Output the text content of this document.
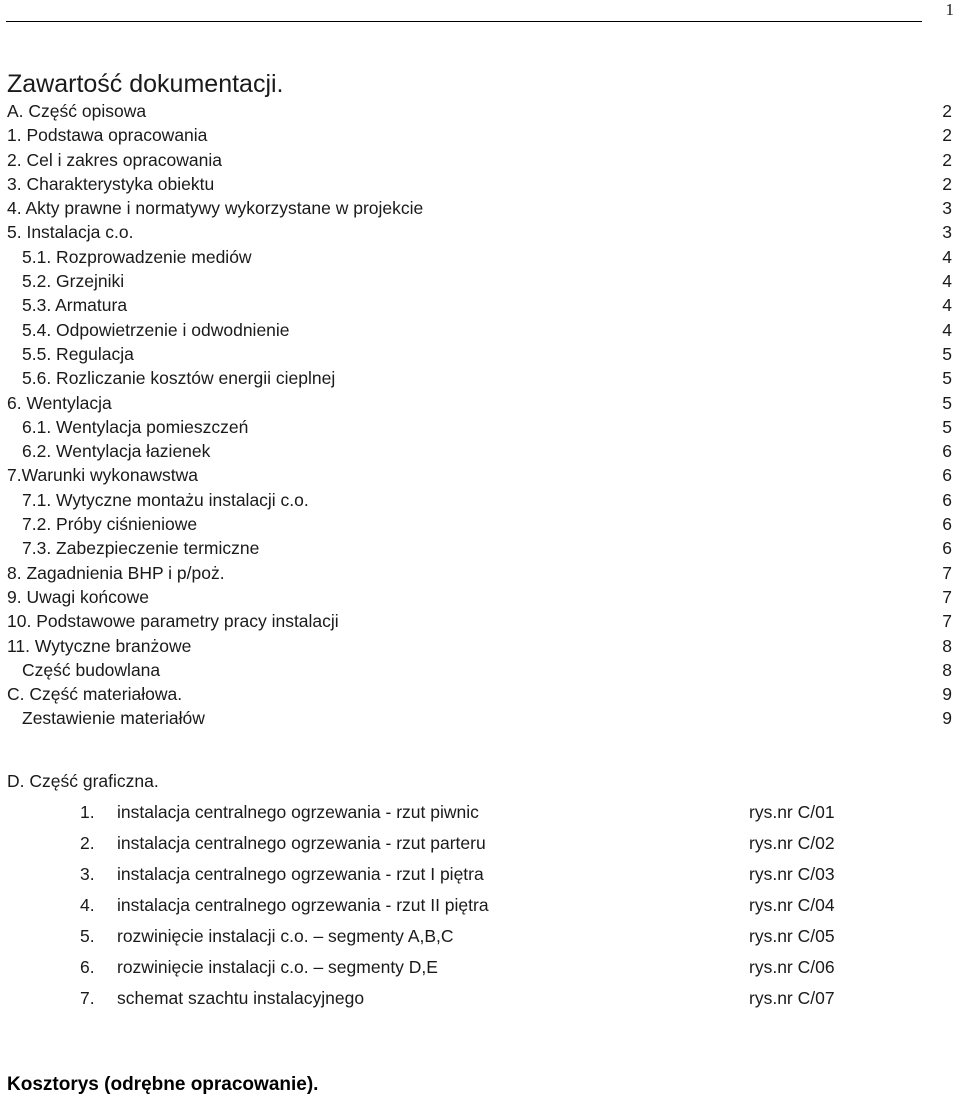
1
Zawartość dokumentacji.
A. Część opisowa	2
1. Podstawa opracowania	2
2. Cel i zakres opracowania	2
3. Charakterystyka obiektu	2
4. Akty prawne i normatywy wykorzystane w projekcie	3
5. Instalacja c.o.	3
5.1. Rozprowadzenie mediów	4
5.2. Grzejniki	4
5.3. Armatura	4
5.4. Odpowietrzenie i odwodnienie	4
5.5. Regulacja	5
5.6. Rozliczanie kosztów energii cieplnej	5
6. Wentylacja	5
6.1. Wentylacja pomieszczeń	5
6.2. Wentylacja łazienek	6
7.Warunki wykonawstwa	6
7.1. Wytyczne montażu instalacji c.o.	6
7.2. Próby ciśnieniowe	6
7.3. Zabezpieczenie termiczne	6
8. Zagadnienia BHP i p/poż.	7
9. Uwagi końcowe	7
10. Podstawowe parametry pracy instalacji	7
11. Wytyczne branżowe	8
Część budowlana	8
C. Część materiałowa.	9
Zestawienie materiałów	9
D. Część graficzna.
1. instalacja centralnego ogrzewania - rzut piwnic	rys.nr C/01
2. instalacja centralnego ogrzewania - rzut parteru	rys.nr C/02
3. instalacja centralnego ogrzewania - rzut I piętra	rys.nr C/03
4. instalacja centralnego ogrzewania - rzut II piętra	rys.nr C/04
5. rozwinięcie instalacji c.o. – segmenty A,B,C	rys.nr C/05
6. rozwinięcie instalacji c.o. – segmenty D,E	rys.nr C/06
7. schemat szachtu instalacyjnego	rys.nr C/07
Kosztorys (odrębne opracowanie).
